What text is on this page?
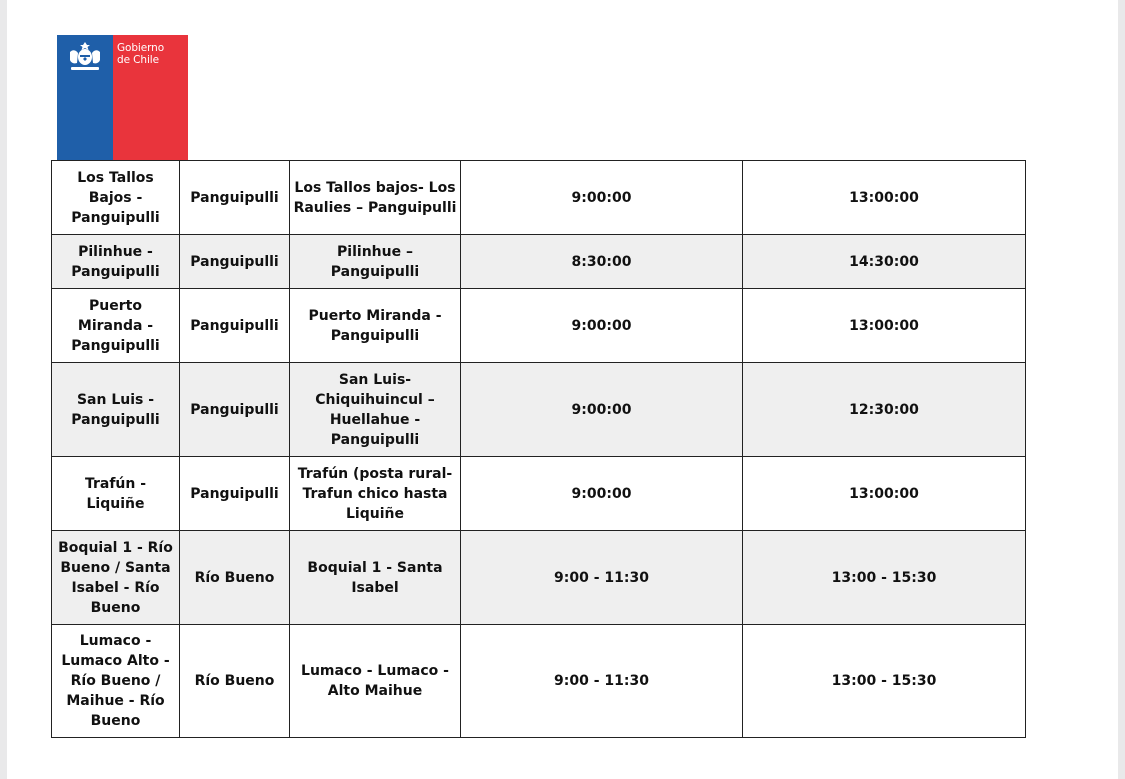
Gobierno
de Chile
Los Tallos Bajos - Panguipulli	Panguipulli	Los Tallos bajos- Los Raulies – Panguipulli	9:00:00	13:00:00
Pilinhue - Panguipulli	Panguipulli	Pilinhue – Panguipulli	8:30:00	14:30:00
Puerto Miranda - Panguipulli	Panguipulli	Puerto Miranda - Panguipulli	9:00:00	13:00:00
San Luis - Panguipulli	Panguipulli	San Luis- Chiquihuincul – Huellahue - Panguipulli	9:00:00	12:30:00
Trafún - Liquiñe	Panguipulli	Trafún (posta rural- Trafun chico hasta Liquiñe	9:00:00	13:00:00
Boquial 1 - Río Bueno / Santa Isabel - Río Bueno	Río Bueno	Boquial 1 - Santa Isabel	9:00 - 11:30	13:00 - 15:30
Lumaco - Lumaco Alto - Río Bueno / Maihue - Río Bueno	Río Bueno	Lumaco - Lumaco - Alto Maihue	9:00 - 11:30	13:00 - 15:30
